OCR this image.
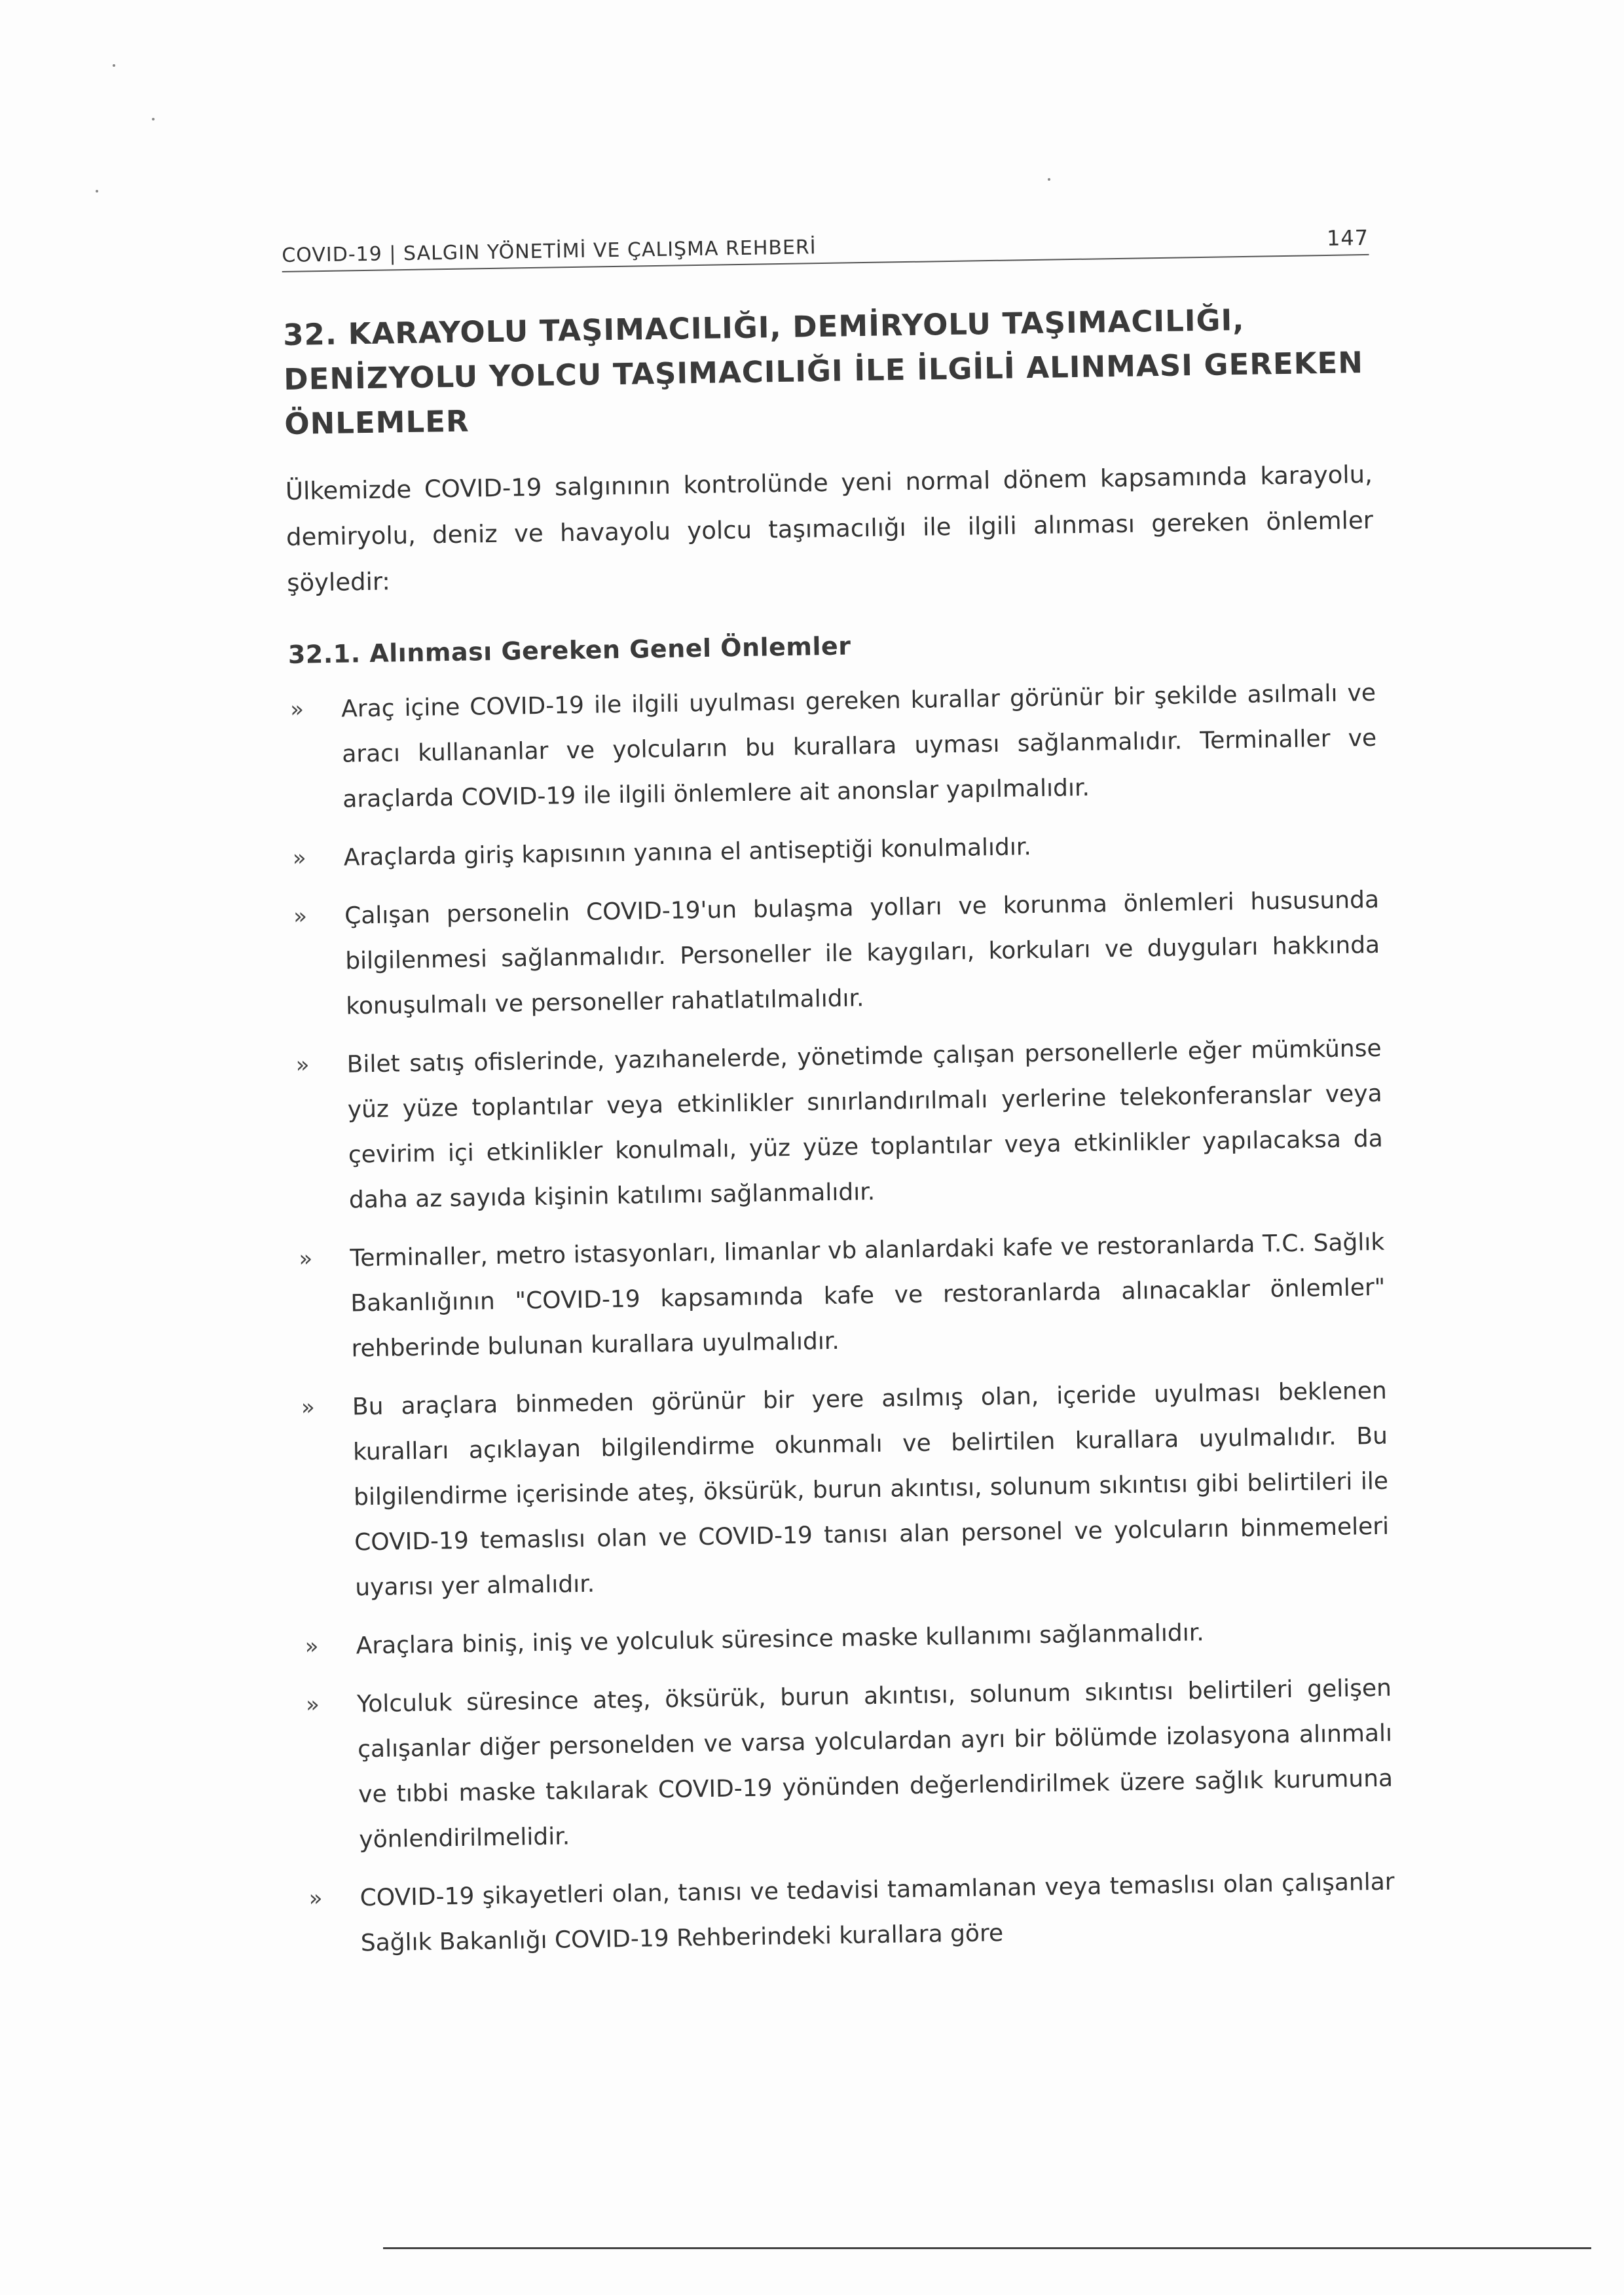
COVID-19 | SALGIN YÖNETİMİ VE ÇALIŞMA REHBERİ	147
32. KARAYOLU TAŞIMACILIĞI, DEMİRYOLU TAŞIMACILIĞI, DENİZYOLU YOLCU TAŞIMACILIĞI İLE İLGİLİ ALINMASI GEREKEN ÖNLEMLER

Ülkemizde COVID-19 salgınının kontrolünde yeni normal dönem kapsamında karayolu, demiryolu, deniz ve havayolu yolcu taşımacılığı ile ilgili alınması gereken önlemler şöyledir:

32.1. Alınması Gereken Genel Önlemler
» Araç içine COVID-19 ile ilgili uyulması gereken kurallar görünür bir şekilde asılmalı ve aracı kullananlar ve yolcuların bu kurallara uyması sağlanmalıdır. Terminaller ve araçlarda COVID-19 ile ilgili önlemlere ait anonslar yapılmalıdır.
» Araçlarda giriş kapısının yanına el antiseptiği konulmalıdır.
» Çalışan personelin COVID-19'un bulaşma yolları ve korunma önlemleri hususunda bilgilenmesi sağlanmalıdır. Personeller ile kaygıları, korkuları ve duyguları hakkında konuşulmalı ve personeller rahatlatılmalıdır.
» Bilet satış ofislerinde, yazıhanelerde, yönetimde çalışan personellerle eğer mümkünse yüz yüze toplantılar veya etkinlikler sınırlandırılmalı yerlerine telekonferanslar veya çevirim içi etkinlikler konulmalı, yüz yüze toplantılar veya etkinlikler yapılacaksa da daha az sayıda kişinin katılımı sağlanmalıdır.
» Terminaller, metro istasyonları, limanlar vb alanlardaki kafe ve restoranlarda T.C. Sağlık Bakanlığının "COVID-19 kapsamında kafe ve restoranlarda alınacaklar önlemler" rehberinde bulunan kurallara uyulmalıdır.
» Bu araçlara binmeden görünür bir yere asılmış olan, içeride uyulması beklenen kuralları açıklayan bilgilendirme okunmalı ve belirtilen kurallara uyulmalıdır. Bu bilgilendirme içerisinde ateş, öksürük, burun akıntısı, solunum sıkıntısı gibi belirtileri ile COVID-19 temaslısı olan ve COVID-19 tanısı alan personel ve yolcuların binmemeleri uyarısı yer almalıdır.
» Araçlara biniş, iniş ve yolculuk süresince maske kullanımı sağlanmalıdır.
» Yolculuk süresince ateş, öksürük, burun akıntısı, solunum sıkıntısı belirtileri gelişen çalışanlar diğer personelden ve varsa yolculardan ayrı bir bölümde izolasyona alınmalı ve tıbbi maske takılarak COVID-19 yönünden değerlendirilmek üzere sağlık kurumuna yönlendirilmelidir.
» COVID-19 şikayetleri olan, tanısı ve tedavisi tamamlanan veya temaslısı olan çalışanlar Sağlık Bakanlığı COVID-19 Rehberindeki kurallara göre
